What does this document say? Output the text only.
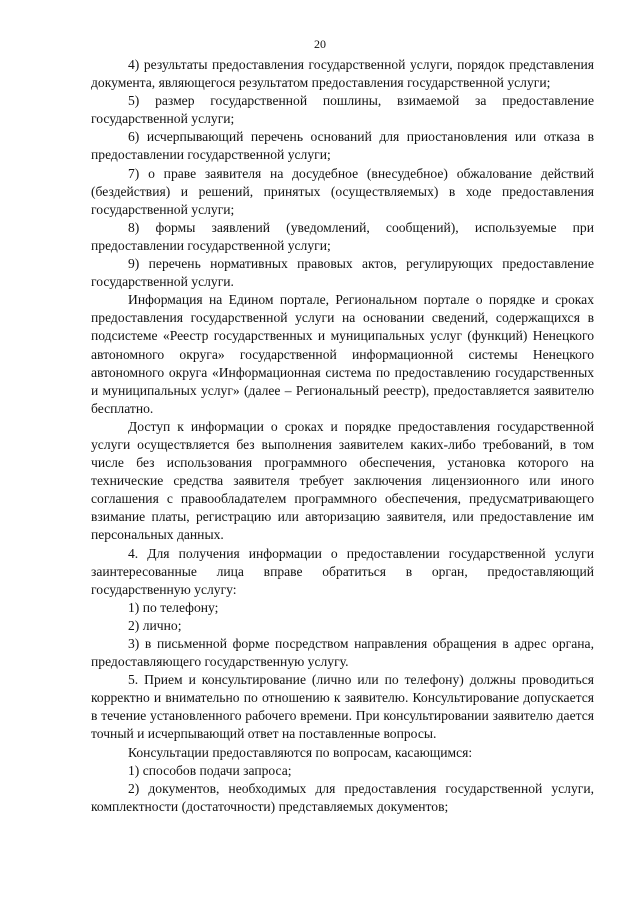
20

4) результаты предоставления государственной услуги, порядок представления документа, являющегося результатом предоставления государственной услуги;

5) размер государственной пошлины, взимаемой за предоставление государственной услуги;

6) исчерпывающий перечень оснований для приостановления или отказа в предоставлении государственной услуги;

7) о праве заявителя на досудебное (внесудебное) обжалование действий (бездействия) и решений, принятых (осуществляемых) в ходе предоставления государственной услуги;

8) формы заявлений (уведомлений, сообщений), используемые при предоставлении государственной услуги;

9) перечень нормативных правовых актов, регулирующих предоставление государственной услуги.

Информация на Едином портале, Региональном портале о порядке и сроках предоставления государственной услуги на основании сведений, содержащихся в подсистеме «Реестр государственных и муниципальных услуг (функций) Ненецкого автономного округа» государственной информационной системы Ненецкого автономного округа «Информационная система по предоставлению государственных и муниципальных услуг» (далее – Региональный реестр), предоставляется заявителю бесплатно.

Доступ к информации о сроках и порядке предоставления государственной услуги осуществляется без выполнения заявителем каких-либо требований, в том числе без использования программного обеспечения, установка которого на технические средства заявителя требует заключения лицензионного или иного соглашения с правообладателем программного обеспечения, предусматривающего взимание платы, регистрацию или авторизацию заявителя, или предоставление им персональных данных.

4. Для получения информации о предоставлении государственной услуги заинтересованные лица вправе обратиться в орган, предоставляющий государственную услугу:

1) по телефону;

2) лично;

3) в письменной форме посредством направления обращения в адрес органа, предоставляющего государственную услугу.

5. Прием и консультирование (лично или по телефону) должны проводиться корректно и внимательно по отношению к заявителю. Консультирование допускается в течение установленного рабочего времени. При консультировании заявителю дается точный и исчерпывающий ответ на поставленные вопросы.

Консультации предоставляются по вопросам, касающимся:

1) способов подачи запроса;

2) документов, необходимых для предоставления государственной услуги, комплектности (достаточности) представляемых документов;
